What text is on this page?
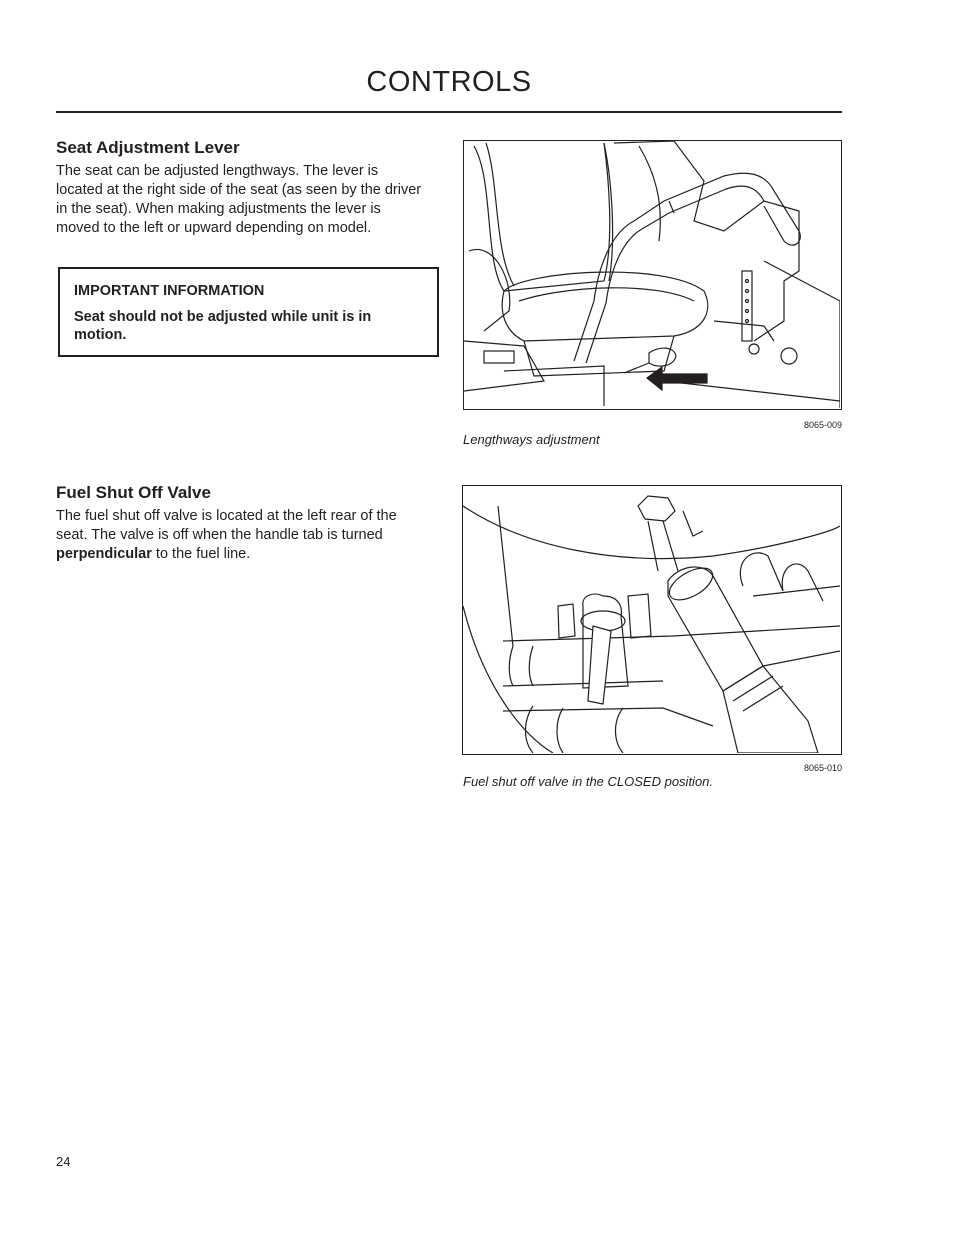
CONTROLS
Seat Adjustment Lever

The seat can be adjusted lengthways. The lever is located at the right side of the seat (as seen by the driver in the seat). When making adjustments the lever is moved to the left or upward depending on model.

IMPORTANT INFORMATION
Seat should not be adjusted while unit is in motion.
8065-009
Lengthways adjustment
Fuel Shut Off Valve

The fuel shut off valve is located at the left rear of the seat. The valve is off when the handle tab is turned perpendicular to the fuel line.

8065-010
Fuel shut off valve in the CLOSED position.
24
